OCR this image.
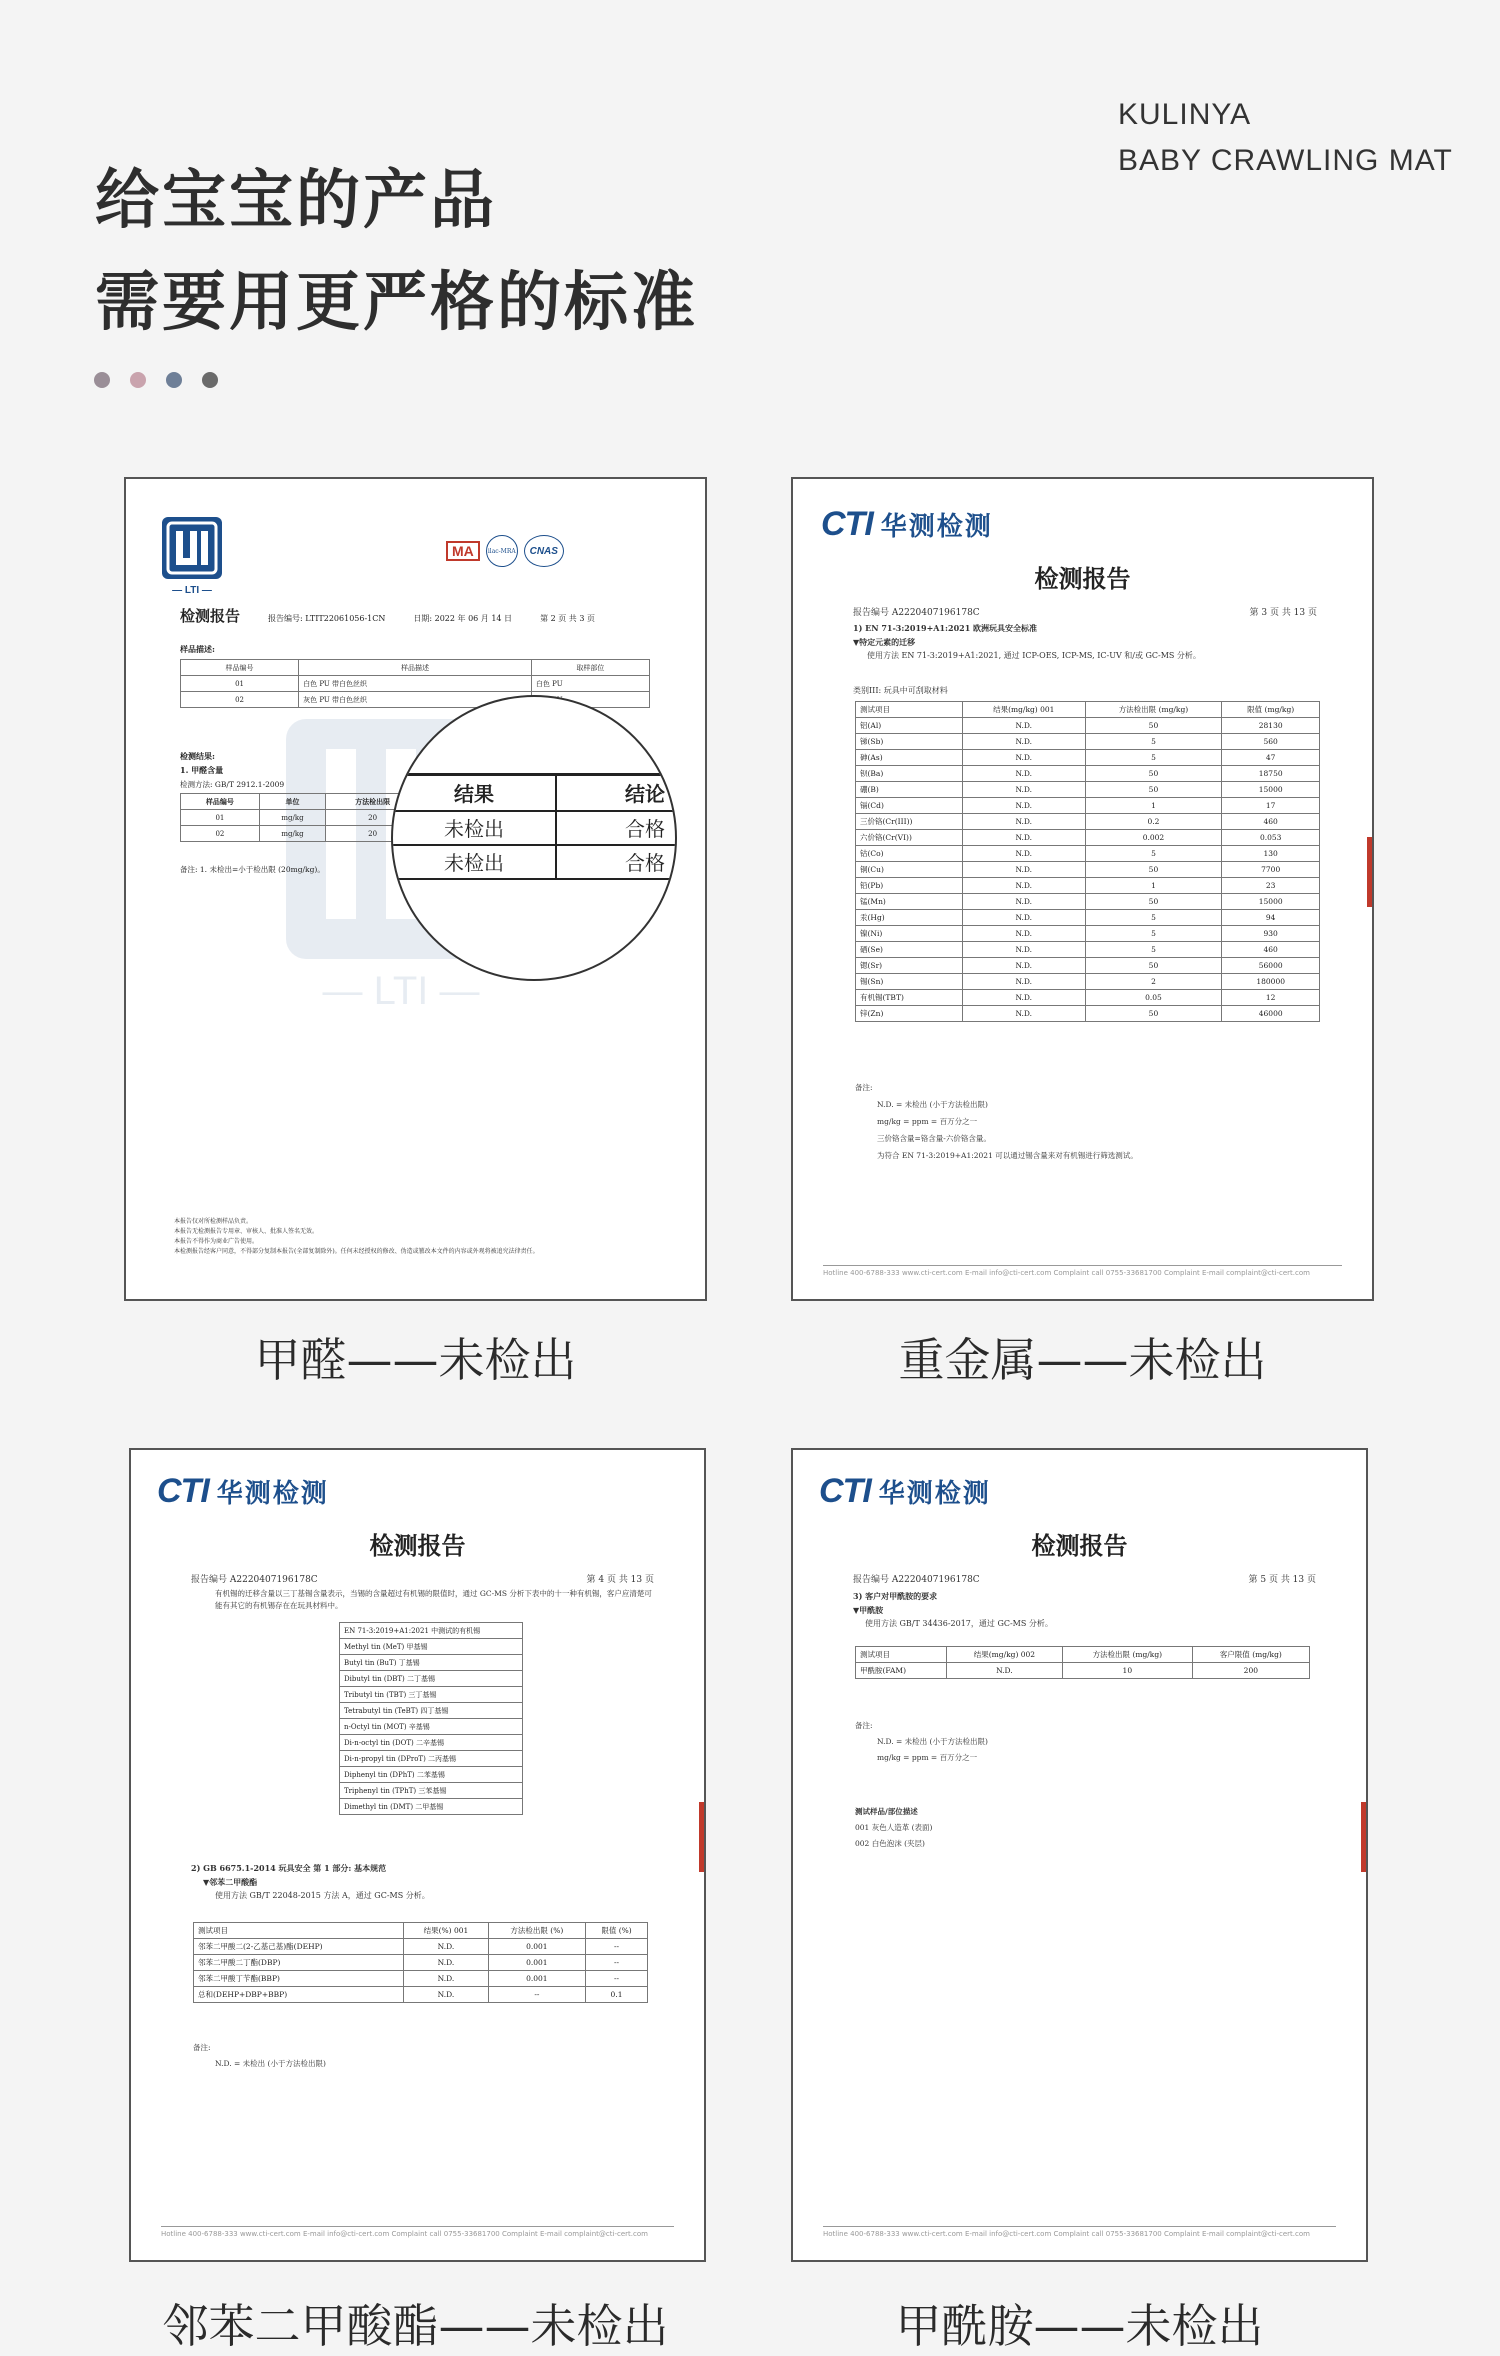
KULINYA
BABY CRAWLING MAT
给宝宝的产品
需要用更严格的标准
— LTI —
MA	ilac-MRA	CNAS
— LTI —
检测报告	报告编号: LTIT22061056-1CN	日期: 2022 年 06 月 14 日	第 2 页 共 3 页
样品描述:
样品编号	样品描述	取样部位
01	白色 PU 带白色丝织	白色 PU
02	灰色 PU 带白色丝织	
检测结果:
1. 甲醛含量
检测方法: GB/T 2912.1-2009
样品编号	单位	方法检出限
01	mg/kg	20
02	mg/kg	20
备注: 1. 未检出=小于检出限 (20mg/kg)。
结果	结论
未检出	合格
未检出	合格
本报告仅对所检测样品负责。
本报告无检测报告专用章、审核人、批准人签名无效。
本报告不得作为商业广告使用。
本检测报告经客户同意，不得部分复制本报告(全部复制除外)。任何未经授权的修改、伪造或篡改本文件的内容或外观将被追究法律责任。
甲醛——未检出
CTI 华测检测
检测报告
报告编号 A2220407196178C	第 3 页 共 13 页
1) EN 71-3:2019+A1:2021 欧洲玩具安全标准
▼特定元素的迁移
使用方法 EN 71-3:2019+A1:2021, 通过 ICP-OES, ICP-MS, IC-UV 和/或 GC-MS 分析。
类别III: 玩具中可刮取材料
测试项目	结果(mg/kg) 001	方法检出限 (mg/kg)	限值 (mg/kg)
铝(Al)	N.D.	50	28130
锑(Sb)	N.D.	5	560
砷(As)	N.D.	5	47
钡(Ba)	N.D.	50	18750
硼(B)	N.D.	50	15000
镉(Cd)	N.D.	1	17
三价铬(Cr(III))	N.D.	0.2	460
六价铬(Cr(VI))	N.D.	0.002	0.053
钴(Co)	N.D.	5	130
铜(Cu)	N.D.	50	7700
铅(Pb)	N.D.	1	23
锰(Mn)	N.D.	50	15000
汞(Hg)	N.D.	5	94
镍(Ni)	N.D.	5	930
硒(Se)	N.D.	5	460
锶(Sr)	N.D.	50	56000
锡(Sn)	N.D.	2	180000
有机锡(TBT)	N.D.	0.05	12
锌(Zn)	N.D.	50	46000
备注:
N.D. = 未检出 (小于方法检出限)
mg/kg = ppm = 百万分之一
三价铬含量=铬含量-六价铬含量。
为符合 EN 71-3:2019+A1:2021 可以通过锡含量来对有机锡进行筛选测试。
Hotline 400-6788-333 www.cti-cert.com E-mail info@cti-cert.com Complaint call 0755-33681700 Complaint E-mail complaint@cti-cert.com
重金属——未检出
CTI 华测检测
检测报告
报告编号 A2220407196178C	第 4 页 共 13 页
有机锡的迁移含量以三丁基锡含量表示，当锡的含量超过有机锡的限值时，通过 GC-MS 分析下表中的十一种有机锡，客户应清楚可能有其它的有机锡存在在玩具材料中。
EN 71-3:2019+A1:2021 中测试的有机锡
Methyl tin (MeT) 甲基锡
Butyl tin (BuT) 丁基锡
Dibutyl tin (DBT) 二丁基锡
Tributyl tin (TBT) 三丁基锡
Tetrabutyl tin (TeBT) 四丁基锡
n-Octyl tin (MOT) 辛基锡
Di-n-octyl tin (DOT) 二辛基锡
Di-n-propyl tin (DProT) 二丙基锡
Diphenyl tin (DPhT) 二苯基锡
Triphenyl tin (TPhT) 三苯基锡
Dimethyl tin (DMT) 二甲基锡
2) GB 6675.1-2014 玩具安全 第 1 部分: 基本规范
▼邻苯二甲酸酯
使用方法 GB/T 22048-2015 方法 A，通过 GC-MS 分析。
测试项目	结果(%) 001	方法检出限 (%)	限值 (%)
邻苯二甲酸二(2-乙基己基)酯(DEHP)	N.D.	0.001	--
邻苯二甲酸二丁酯(DBP)	N.D.	0.001	--
邻苯二甲酸丁苄酯(BBP)	N.D.	0.001	--
总和(DEHP+DBP+BBP)	N.D.	--	0.1
备注:
N.D. = 未检出 (小于方法检出限)
Hotline 400-6788-333 www.cti-cert.com E-mail info@cti-cert.com Complaint call 0755-33681700 Complaint E-mail complaint@cti-cert.com
邻苯二甲酸酯——未检出
CTI 华测检测
检测报告
报告编号 A2220407196178C	第 5 页 共 13 页
3) 客户对甲酰胺的要求
▼甲酰胺
使用方法 GB/T 34436-2017，通过 GC-MS 分析。
测试项目	结果(mg/kg) 002	方法检出限 (mg/kg)	客户限值 (mg/kg)
甲酰胺(FAM)	N.D.	10	200
备注:
N.D. = 未检出 (小于方法检出限)
mg/kg = ppm = 百万分之一
测试样品/部位描述
001 灰色人造革 (表面)
002 白色泡沫 (夹层)
Hotline 400-6788-333 www.cti-cert.com E-mail info@cti-cert.com Complaint call 0755-33681700 Complaint E-mail complaint@cti-cert.com
甲酰胺——未检出
